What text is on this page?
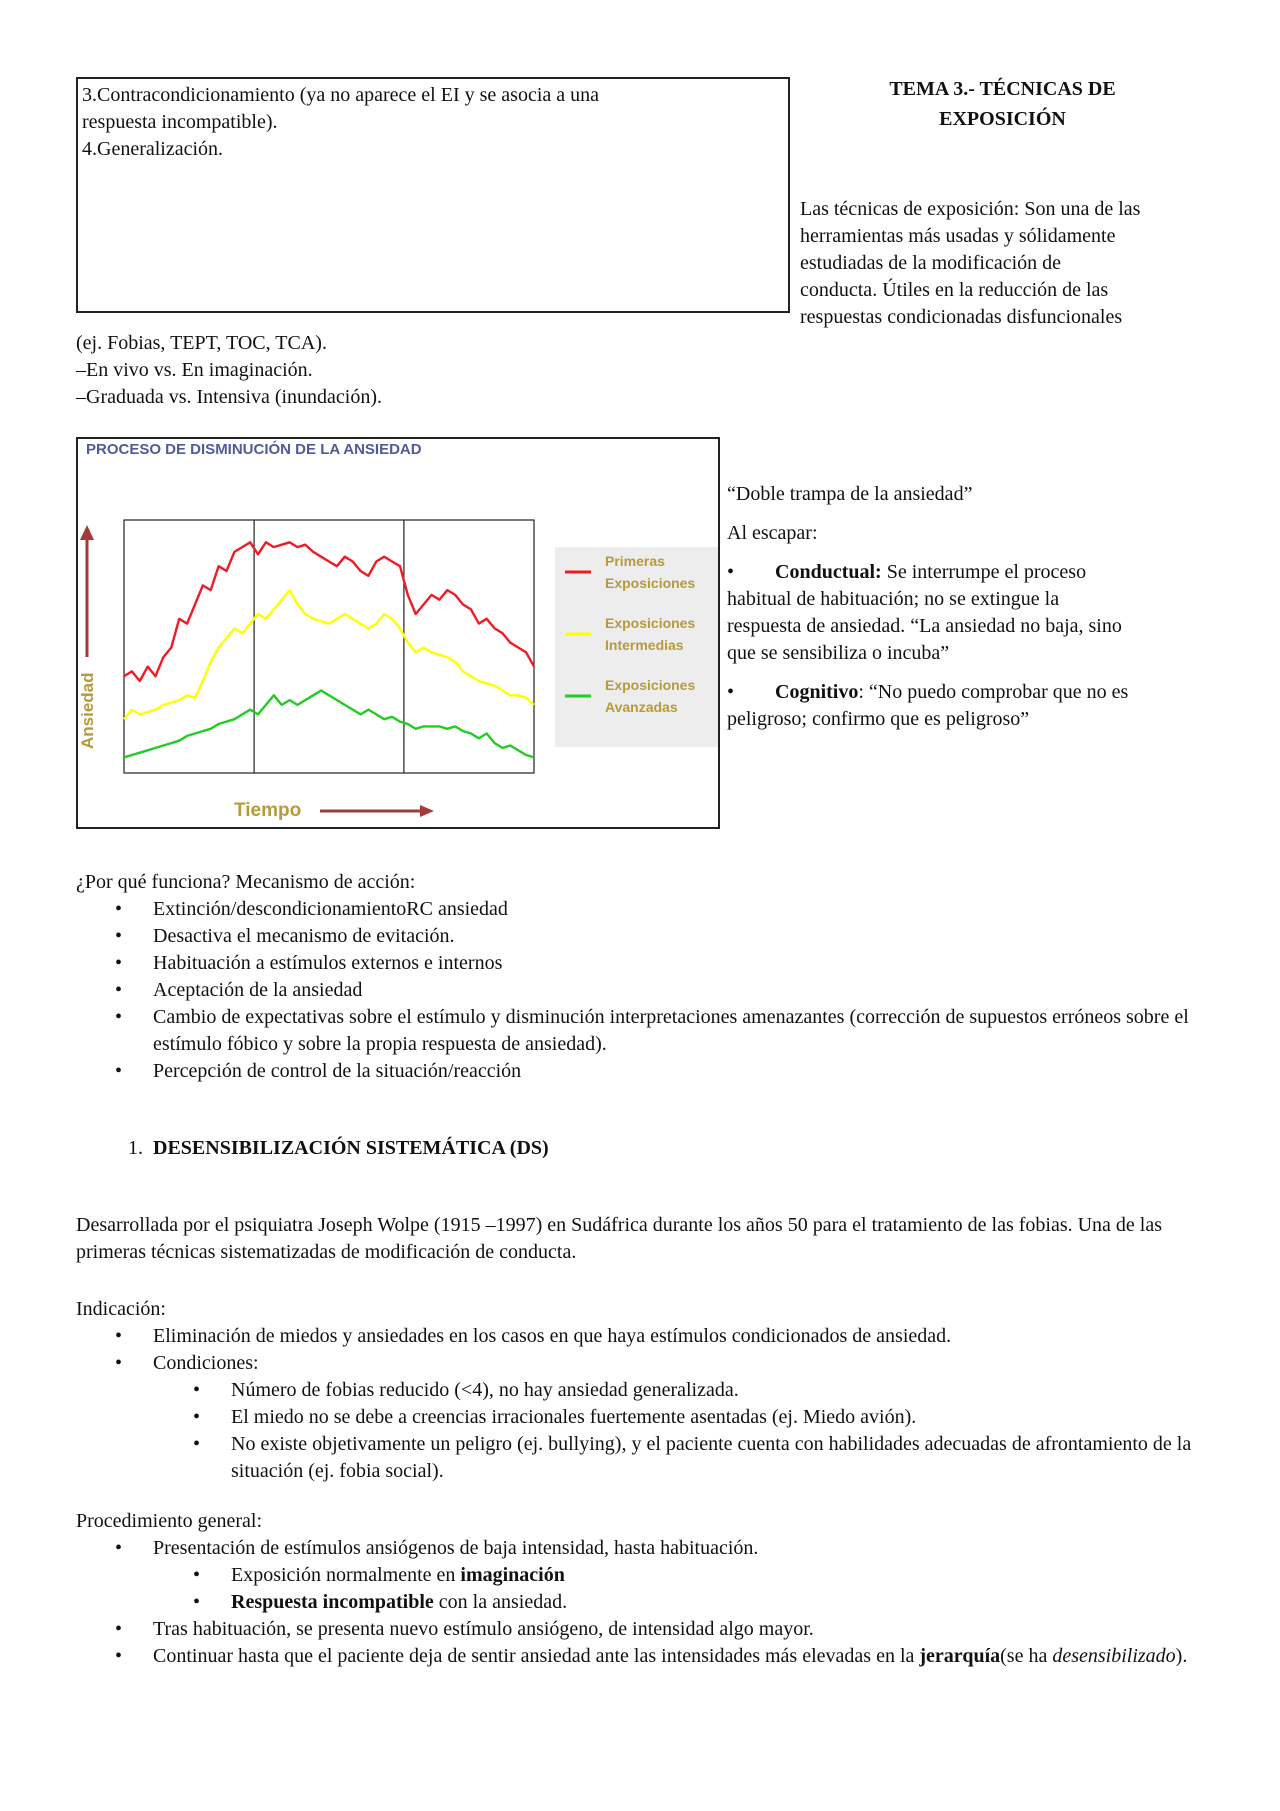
3.Contracondicionamiento (ya no aparece el EI y se asocia a una

respuesta incompatible).

4.Generalización.

TEMA 3.- TÉCNICAS DE

EXPOSICIÓN

Las técnicas de exposición: Son una de las

herramientas más usadas y sólidamente

estudiadas de la modificación de

conducta. Útiles en la reducción de las

respuestas condicionadas disfuncionales

(ej. Fobias, TEPT, TOC, TCA).

–En vivo vs. En imaginación.

–Graduada vs. Intensiva (inundación).

PROCESO DE DISMINUCIÓN DE LA ANSIEDAD
Ansiedad
Tiempo
Primeras
Exposiciones
Exposiciones
Intermedias
Exposiciones
Avanzadas

“Doble trampa de la ansiedad”

Al escapar:

• Conductual: Se interrumpe el proceso
habitual de habituación; no se extingue la
respuesta de ansiedad. “La ansiedad no baja, sino
que se sensibiliza o incuba”

• Cognitivo: “No puedo comprobar que no es
peligroso; confirmo que es peligroso”

¿Por qué funciona? Mecanismo de acción:

•	Extinción/descondicionamientoRC ansiedad
•	Desactiva el mecanismo de evitación.
•	Habituación a estímulos externos e internos
•	Aceptación de la ansiedad
•	Cambio de expectativas sobre el estímulo y disminución interpretaciones amenazantes (corrección de supuestos erróneos sobre el estímulo fóbico y sobre la propia respuesta de ansiedad).
•	Percepción de control de la situación/reacción
1. DESENSIBILIZACIÓN SISTEMÁTICA (DS)

Desarrollada por el psiquiatra Joseph Wolpe (1915 –1997) en Sudáfrica durante los años 50 para el tratamiento de las fobias. Una de las primeras técnicas sistematizadas de modificación de conducta.

Indicación:

•	Eliminación de miedos y ansiedades en los casos en que haya estímulos condicionados de ansiedad.
•	Condiciones:
•	Número de fobias reducido (<4), no hay ansiedad generalizada.
•	El miedo no se debe a creencias irracionales fuertemente asentadas (ej. Miedo avión).
•	No existe objetivamente un peligro (ej. bullying), y el paciente cuenta con habilidades adecuadas de afrontamiento de la situación (ej. fobia social).

Procedimiento general:

•	Presentación de estímulos ansiógenos de baja intensidad, hasta habituación.
•	Exposición normalmente en imaginación
•	Respuesta incompatible con la ansiedad.
•	Tras habituación, se presenta nuevo estímulo ansiógeno, de intensidad algo mayor.
•	Continuar hasta que el paciente deja de sentir ansiedad ante las intensidades más elevadas en la jerarquía(se ha desensibilizado).
